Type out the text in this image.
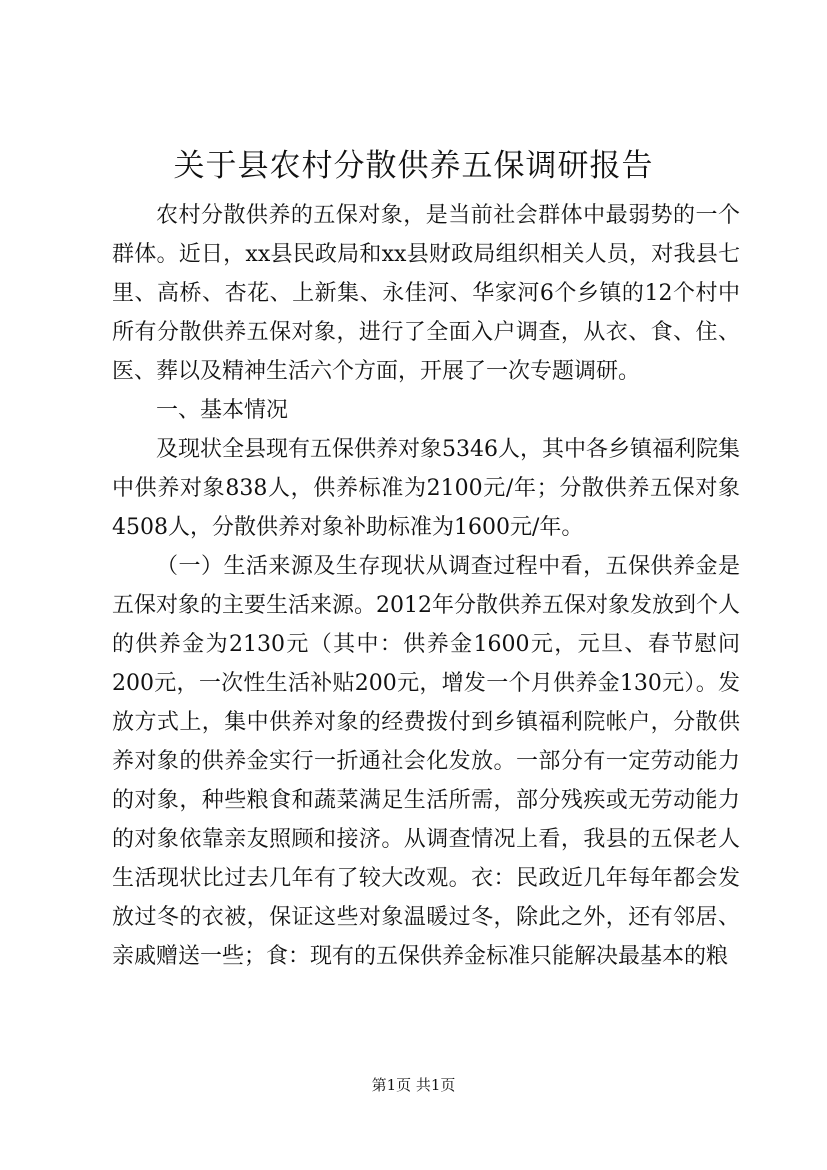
关于县农村分散供养五保调研报告

农村分散供养的五保对象，是当前社会群体中最弱势的一个群体。近日，xx县民政局和xx县财政局组织相关人员，对我县七里、高桥、杏花、上新集、永佳河、华家河6个乡镇的12个村中所有分散供养五保对象，进行了全面入户调查，从衣、食、住、医、葬以及精神生活六个方面，开展了一次专题调研。

一、基本情况

及现状全县现有五保供养对象5346人，其中各乡镇福利院集中供养对象838人，供养标准为2100元/年；分散供养五保对象4508人，分散供养对象补助标准为1600元/年。

（一）生活来源及生存现状从调查过程中看，五保供养金是五保对象的主要生活来源。2012年分散供养五保对象发放到个人的供养金为2130元（其中：供养金1600元，元旦、春节慰问200元，一次性生活补贴200元，增发一个月供养金130元）。发放方式上，集中供养对象的经费拨付到乡镇福利院帐户，分散供养对象的供养金实行一折通社会化发放。一部分有一定劳动能力的对象，种些粮食和蔬菜满足生活所需，部分残疾或无劳动能力的对象依靠亲友照顾和接济。从调查情况上看，我县的五保老人生活现状比过去几年有了较大改观。衣：民政近几年每年都会发放过冬的衣被，保证这些对象温暖过冬，除此之外，还有邻居、亲戚赠送一些；食：现有的五保供养金标准只能解决最基本的粮

第1页 共1页
